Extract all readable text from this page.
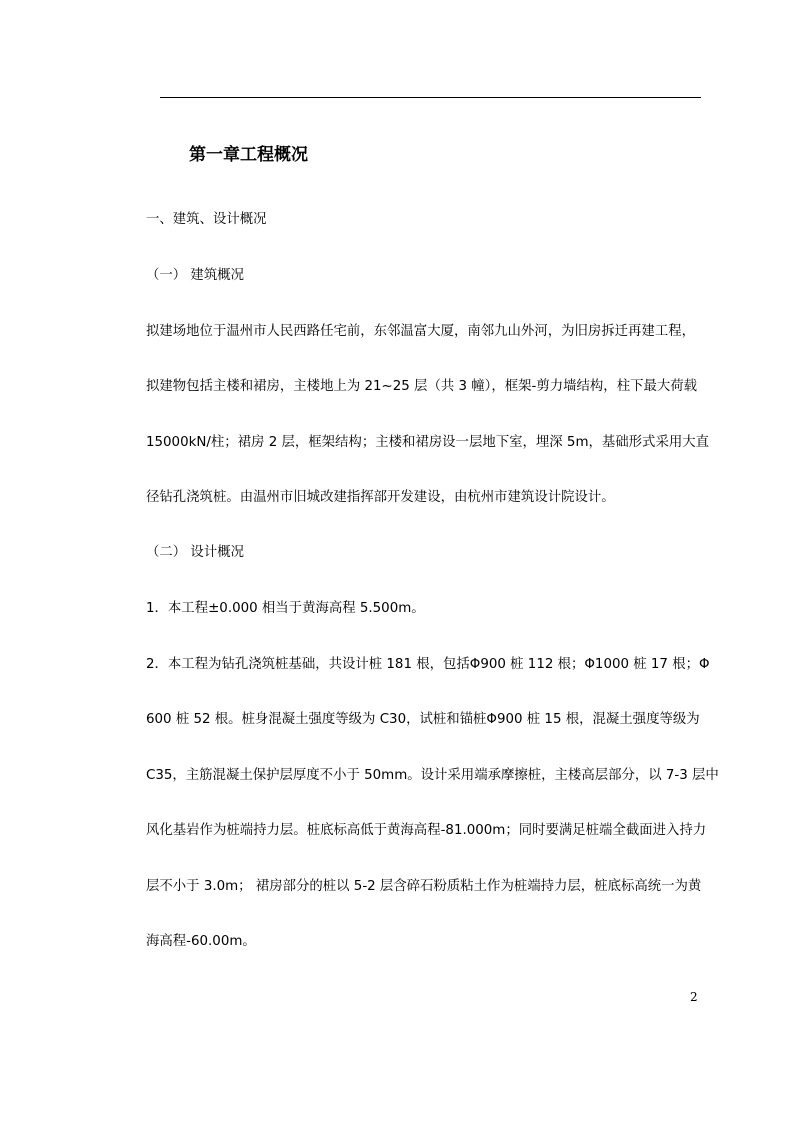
第一章工程概况
一、建筑、设计概况
（一） 建筑概况
拟建场地位于温州市人民西路任宅前，东邻温富大厦，南邻九山外河，为旧房拆迁再建工程，
拟建物包括主楼和裙房，主楼地上为 21~25 层（共 3 幢），框架-剪力墙结构，柱下最大荷载
15000kN/柱；裙房 2 层，框架结构；主楼和裙房设一层地下室，埋深 5m，基础形式采用大直
径钻孔浇筑桩。由温州市旧城改建指挥部开发建设，由杭州市建筑设计院设计。
（二） 设计概况
1．本工程±0.000 相当于黄海高程 5.500m。
2．本工程为钻孔浇筑桩基础，共设计桩 181 根，包括Φ900 桩 112 根；Φ1000 桩 17 根；Φ
600 桩 52 根。桩身混凝土强度等级为 C30，试桩和锚桩Φ900 桩 15 根，混凝土强度等级为
C35，主筋混凝土保护层厚度不小于 50mm。设计采用端承摩擦桩，主楼高层部分，以 7-3 层中
风化基岩作为桩端持力层。桩底标高低于黄海高程-81.000m；同时要满足桩端全截面进入持力
层不小于 3.0m； 裙房部分的桩以 5-2 层含碎石粉质粘土作为桩端持力层，桩底标高统一为黄
海高程-60.00m。
2
